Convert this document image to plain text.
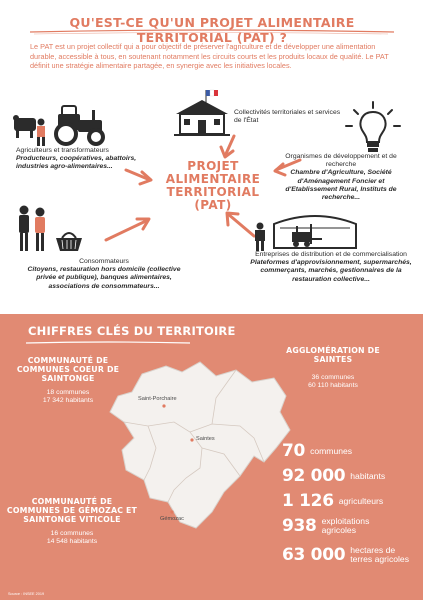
QU'EST-CE QU'UN PROJET ALIMENTAIRE TERRITORIAL (PAT) ?

Le PAT est un projet collectif qui a pour objectif de préserver l'agriculture et de développer une alimentation durable, accessible à tous, en soutenant notamment les circuits courts et les produits locaux de qualité. Le PAT définit une stratégie alimentaire partagée, en synergie avec les initiatives locales.

PROJET
ALIMENTAIRE
TERRITORIAL
(PAT)
Agriculteurs et transformateurs
Producteurs, coopératives, abattoirs, industries agro-alimentaires...
Collectivités territoriales et services de l'État
Organismes de développement et de recherche
Chambre d'Agriculture, Société d'Aménagement Foncier et d'Etablissement Rural, Instituts de recherche...
Consommateurs
Citoyens, restauration hors domicile (collective privée et publique), banques alimentaires, associations de consommateurs...
Entreprises de distribution et de commercialisation
Plateformes d'approvisionnement, supermarchés, commerçants, marchés, gestionnaires de la restauration collective...
CHIFFRES CLÉS DU TERRITOIRE
Saint-Porchaire
Saintes
Gémozac
COMMUNAUTÉ DE COMMUNES COEUR DE SAINTONGE
18 communes
17 342 habitants
AGGLOMÉRATION DE SAINTES
36 communes
60 110 habitants
COMMUNAUTÉ DE COMMUNES DE GÉMOZAC ET SAINTONGE VITICOLE
16 communes
14 548 habitants
70 communes
92 000 habitants
1 126 agriculteurs
938 exploitations
agricoles
63 000 hectares de
terres agricoles
Source : INSEE 2019
